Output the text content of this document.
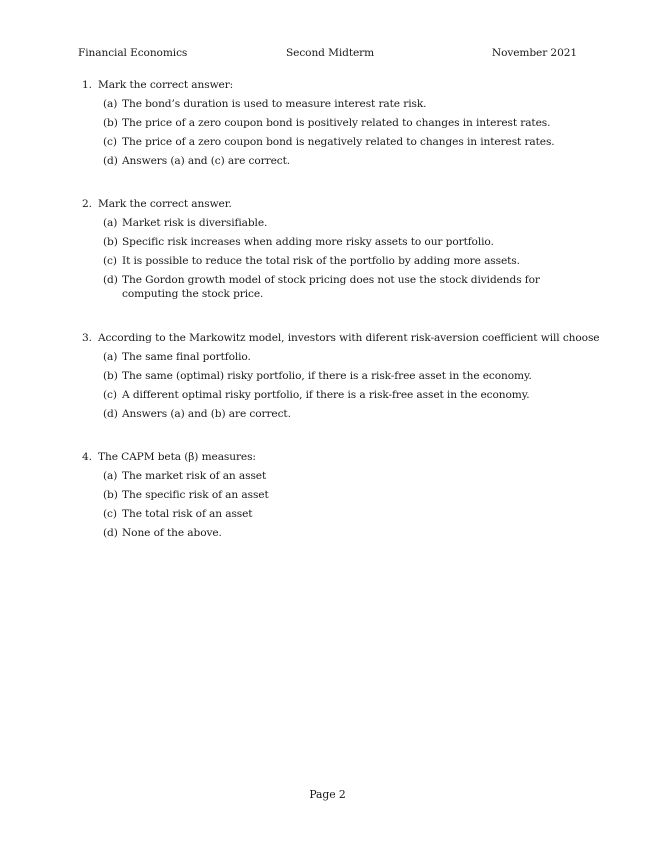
Financial Economics	Second Midterm	November 2021
1. Mark the correct answer:
(a) The bond’s duration is used to measure interest rate risk.
(b) The price of a zero coupon bond is positively related to changes in interest rates.
(c) The price of a zero coupon bond is negatively related to changes in interest rates.
(d) Answers (a) and (c) are correct.
2. Mark the correct answer.
(a) Market risk is diversifiable.
(b) Specific risk increases when adding more risky assets to our portfolio.
(c) It is possible to reduce the total risk of the portfolio by adding more assets.
(d) The Gordon growth model of stock pricing does not use the stock dividends for computing the stock price.
3. According to the Markowitz model, investors with diferent risk-aversion coefficient will choose
(a) The same final portfolio.
(b) The same (optimal) risky portfolio, if there is a risk-free asset in the economy.
(c) A different optimal risky portfolio, if there is a risk-free asset in the economy.
(d) Answers (a) and (b) are correct.
4. The CAPM beta (β) measures:
(a) The market risk of an asset
(b) The specific risk of an asset
(c) The total risk of an asset
(d) None of the above.
Page 2
